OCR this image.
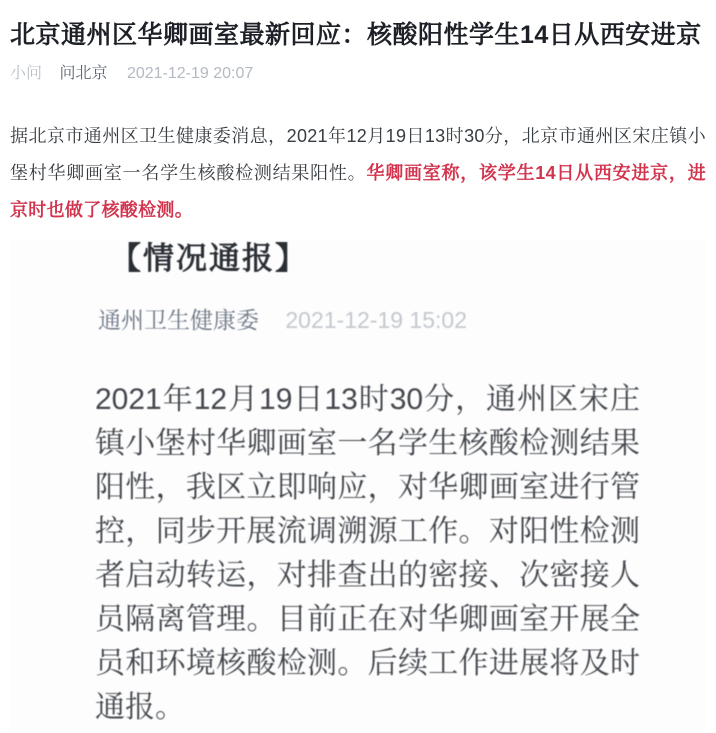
北京通州区华卿画室最新回应：核酸阳性学生14日从西安进京
小问 问北京 2021-12-19 20:07

据北京市通州区卫生健康委消息，2021年12月19日13时30分，北京市通州区宋庄镇小堡村华卿画室一名学生核酸检测结果阳性。华卿画室称，该学生14日从西安进京，进京时也做了核酸检测。

【情况通报】
通州卫生健康委 2021-12-19 15:02
2021年12月19日13时30分，通州区宋庄镇小堡村华卿画室一名学生核酸检测结果阳性，我区立即响应，对华卿画室进行管控，同步开展流调溯源工作。对阳性检测者启动转运，对排查出的密接、次密接人员隔离管理。目前正在对华卿画室开展全员和环境核酸检测。后续工作进展将及时通报。
